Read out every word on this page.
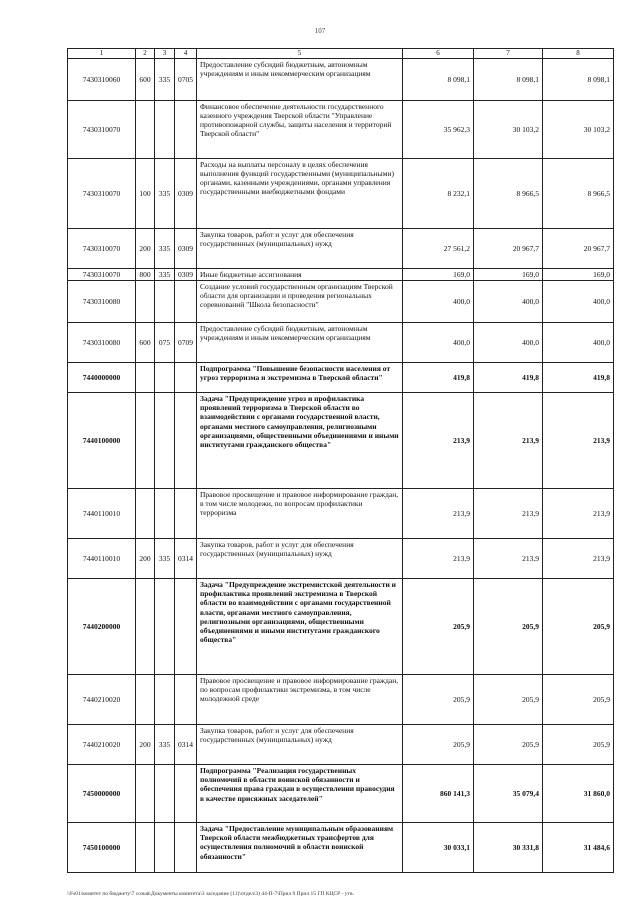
107
1	2	3	4	5	6	7	8
7430310060	600	335	0705	Предоставление субсидий бюджетным, автономным учреждениям и иным некоммерческим организациям	8 098,1	8 098,1	8 098,1
7430310070				Финансовое обеспечение деятельности государственного казенного учреждения Тверской области "Управление противопожарной службы, защиты населения и территорий Тверской области"	35 962,3	30 103,2	30 103,2
7430310070	100	335	0309	Расходы на выплаты персоналу в целях обеспечения выполнения функций государственными (муниципальными) органами, казенными учреждениями, органами управления государственными внебюджетными фондами	8 232,1	8 966,5	8 966,5
7430310070	200	335	0309	Закупка товаров, работ и услуг для обеспечения государственных (муниципальных) нужд	27 561,2	20 967,7	20 967,7
7430310070	800	335	0309	Иные бюджетные ассигнования	169,0	169,0	169,0
7430310080				Создание условий государственным организациям Тверской области для организации и проведения региональных соревнований "Школа безопасности"	400,0	400,0	400,0
7430310080	600	075	0709	Предоставление субсидий бюджетным, автономным учреждениям и иным некоммерческим организациям	400,0	400,0	400,0
7440000000				Подпрограмма "Повышение безопасности населения от угроз терроризма и экстремизма в Тверской области"	419,8	419,8	419,8
7440100000				Задача "Предупреждение угроз и профилактика проявлений терроризма в Тверской области во взаимодействии с органами государственной власти, органами местного самоуправления, религиозными организациями, общественными объединениями и иными институтами гражданского общества"	213,9	213,9	213,9
7440110010				Правовое просвещение и правовое информирование граждан, в том числе молодежи, по вопросам профилактики терроризма	213,9	213,9	213,9
7440110010	200	335	0314	Закупка товаров, работ и услуг для обеспечения государственных (муниципальных) нужд	213,9	213,9	213,9
7440200000				Задача "Предупреждение экстремистской деятельности и профилактика проявлений экстремизма в Тверской области во взаимодействии с органами государственной власти, органами местного самоуправления, религиозными организациями, общественными объединениями и иными институтами гражданского общества"	205,9	205,9	205,9
7440210020				Правовое просвещение и правовое информирование граждан, по вопросам профилактики экстремизма, в том числе молодежной среде	205,9	205,9	205,9
7440210020	200	335	0314	Закупка товаров, работ и услуг для обеспечения государственных (муниципальных) нужд	205,9	205,9	205,9
7450000000				Подпрограмма "Реализация государственных полномочий в области воинской обязанности и обеспечения права граждан в осуществлении правосудия в качестве присяжных заседателей"	860 141,3	35 079,4	31 860,0
7450100000				Задача "Предоставление муниципальным образованиям Тверской области межбюджетных трансфертов для осуществления полномочий в области воинской обязанности"	30 033,1	30 331,8	31 484,6
\\Fs01\комитет по бюджету\7 созыв\Документы комитета\3 заседание (11)\отдел\3) 44-П-7\Прил 9 Прил 15 ГП КЦСР - утв.
